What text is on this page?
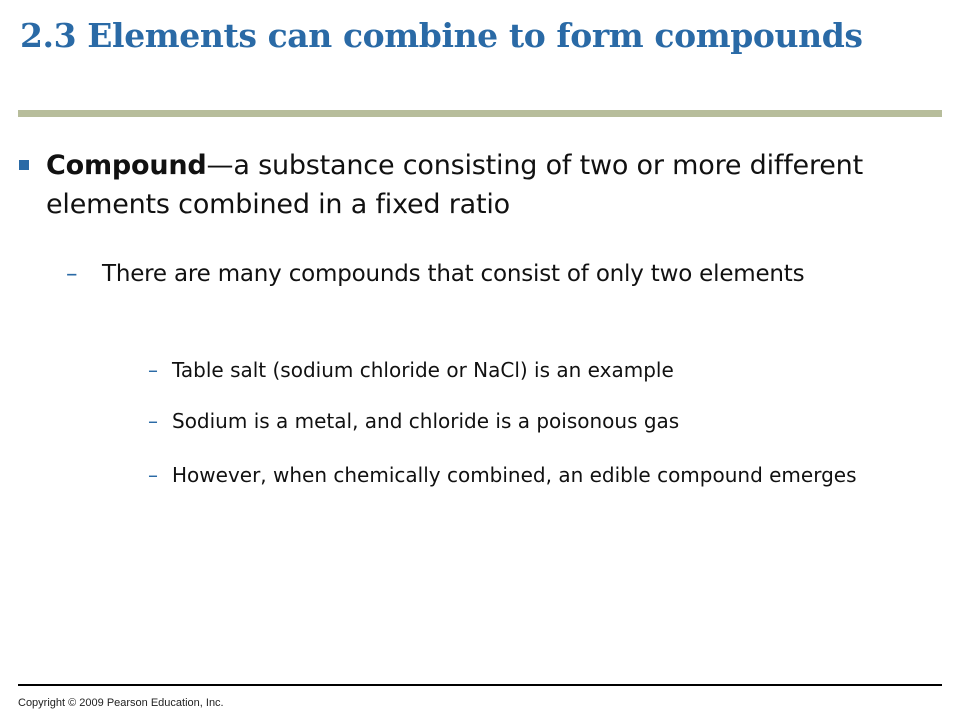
2.3 Elements can combine to form compounds
Compound—a substance consisting of two or more different elements combined in a fixed ratio
– There are many compounds that consist of only two elements
– Table salt (sodium chloride or NaCl) is an example
– Sodium is a metal, and chloride is a poisonous gas
– However, when chemically combined, an edible compound emerges
Copyright © 2009 Pearson Education, Inc.
